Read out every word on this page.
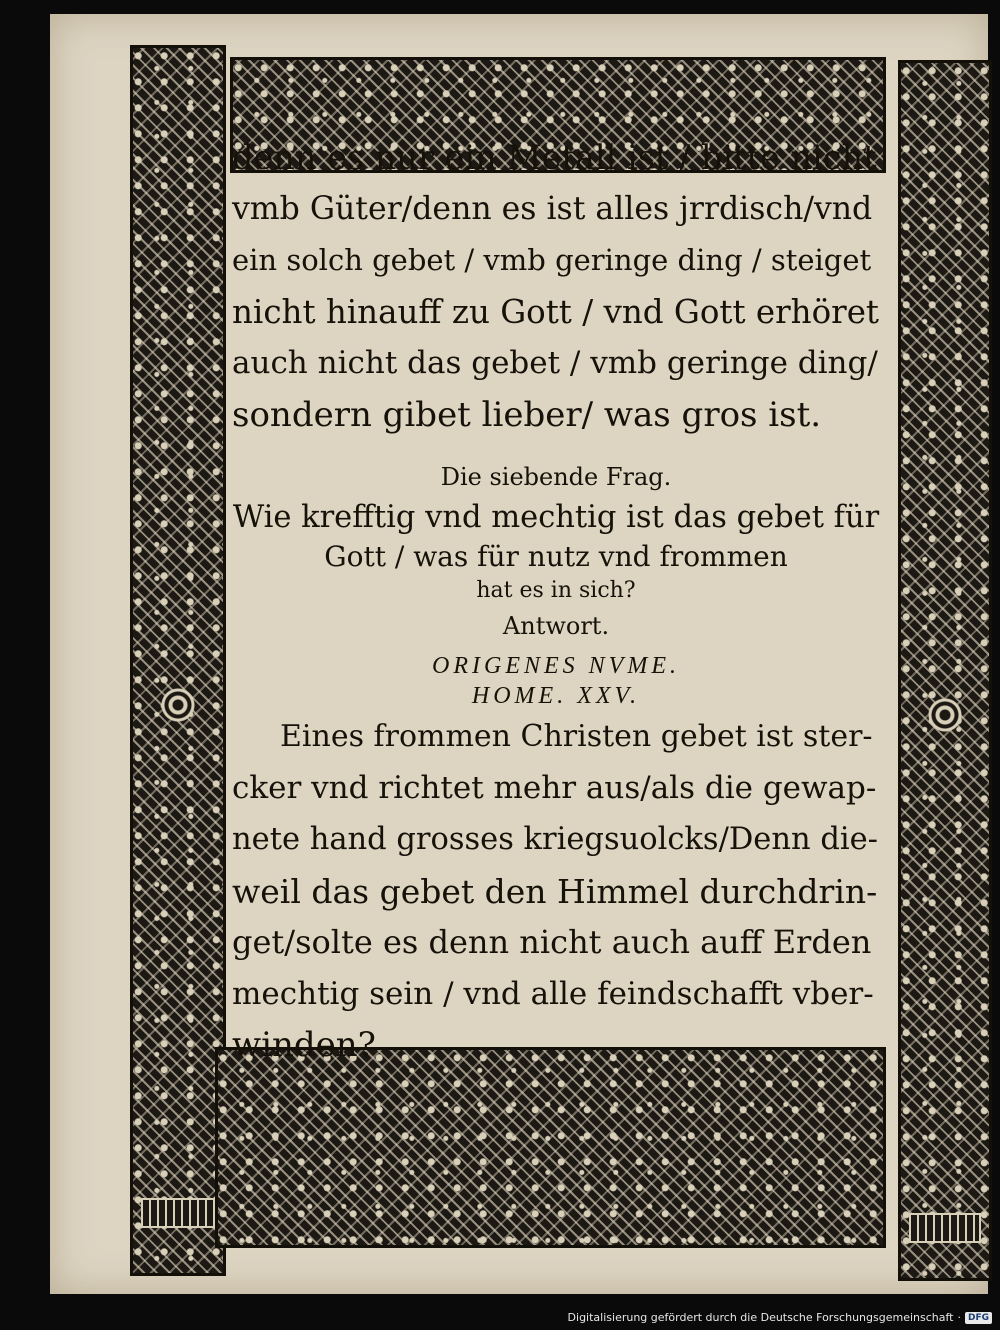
denn es nur ein Metall ist / bitte nicht
vmb Güter/denn es ist alles jrrdisch/vnd
ein solch gebet / vmb geringe ding / steiget
nicht hinauff zu Gott / vnd Gott erhöret
auch nicht das gebet / vmb geringe ding/
sondern gibet lieber/ was gros ist.

Die siebende Frag.

Wie krefftig vnd mechtig ist das gebet für
Gott / was für nutz vnd frommen
hat es in sich?

Antwort.

ORIGENES NVME.
HOME. XXV.

Eines frommen Christen gebet ist ster-
cker vnd richtet mehr aus/als die gewap-
nete hand grosses kriegsuolcks/Denn die-
weil das gebet den Himmel durchdrin-
get/solte es denn nicht auch auff Erden
mechtig sein / vnd alle feindschafft vber-
winden?

Digitalisierung gefördert durch die Deutsche Forschungsgemeinschaft · DFG
